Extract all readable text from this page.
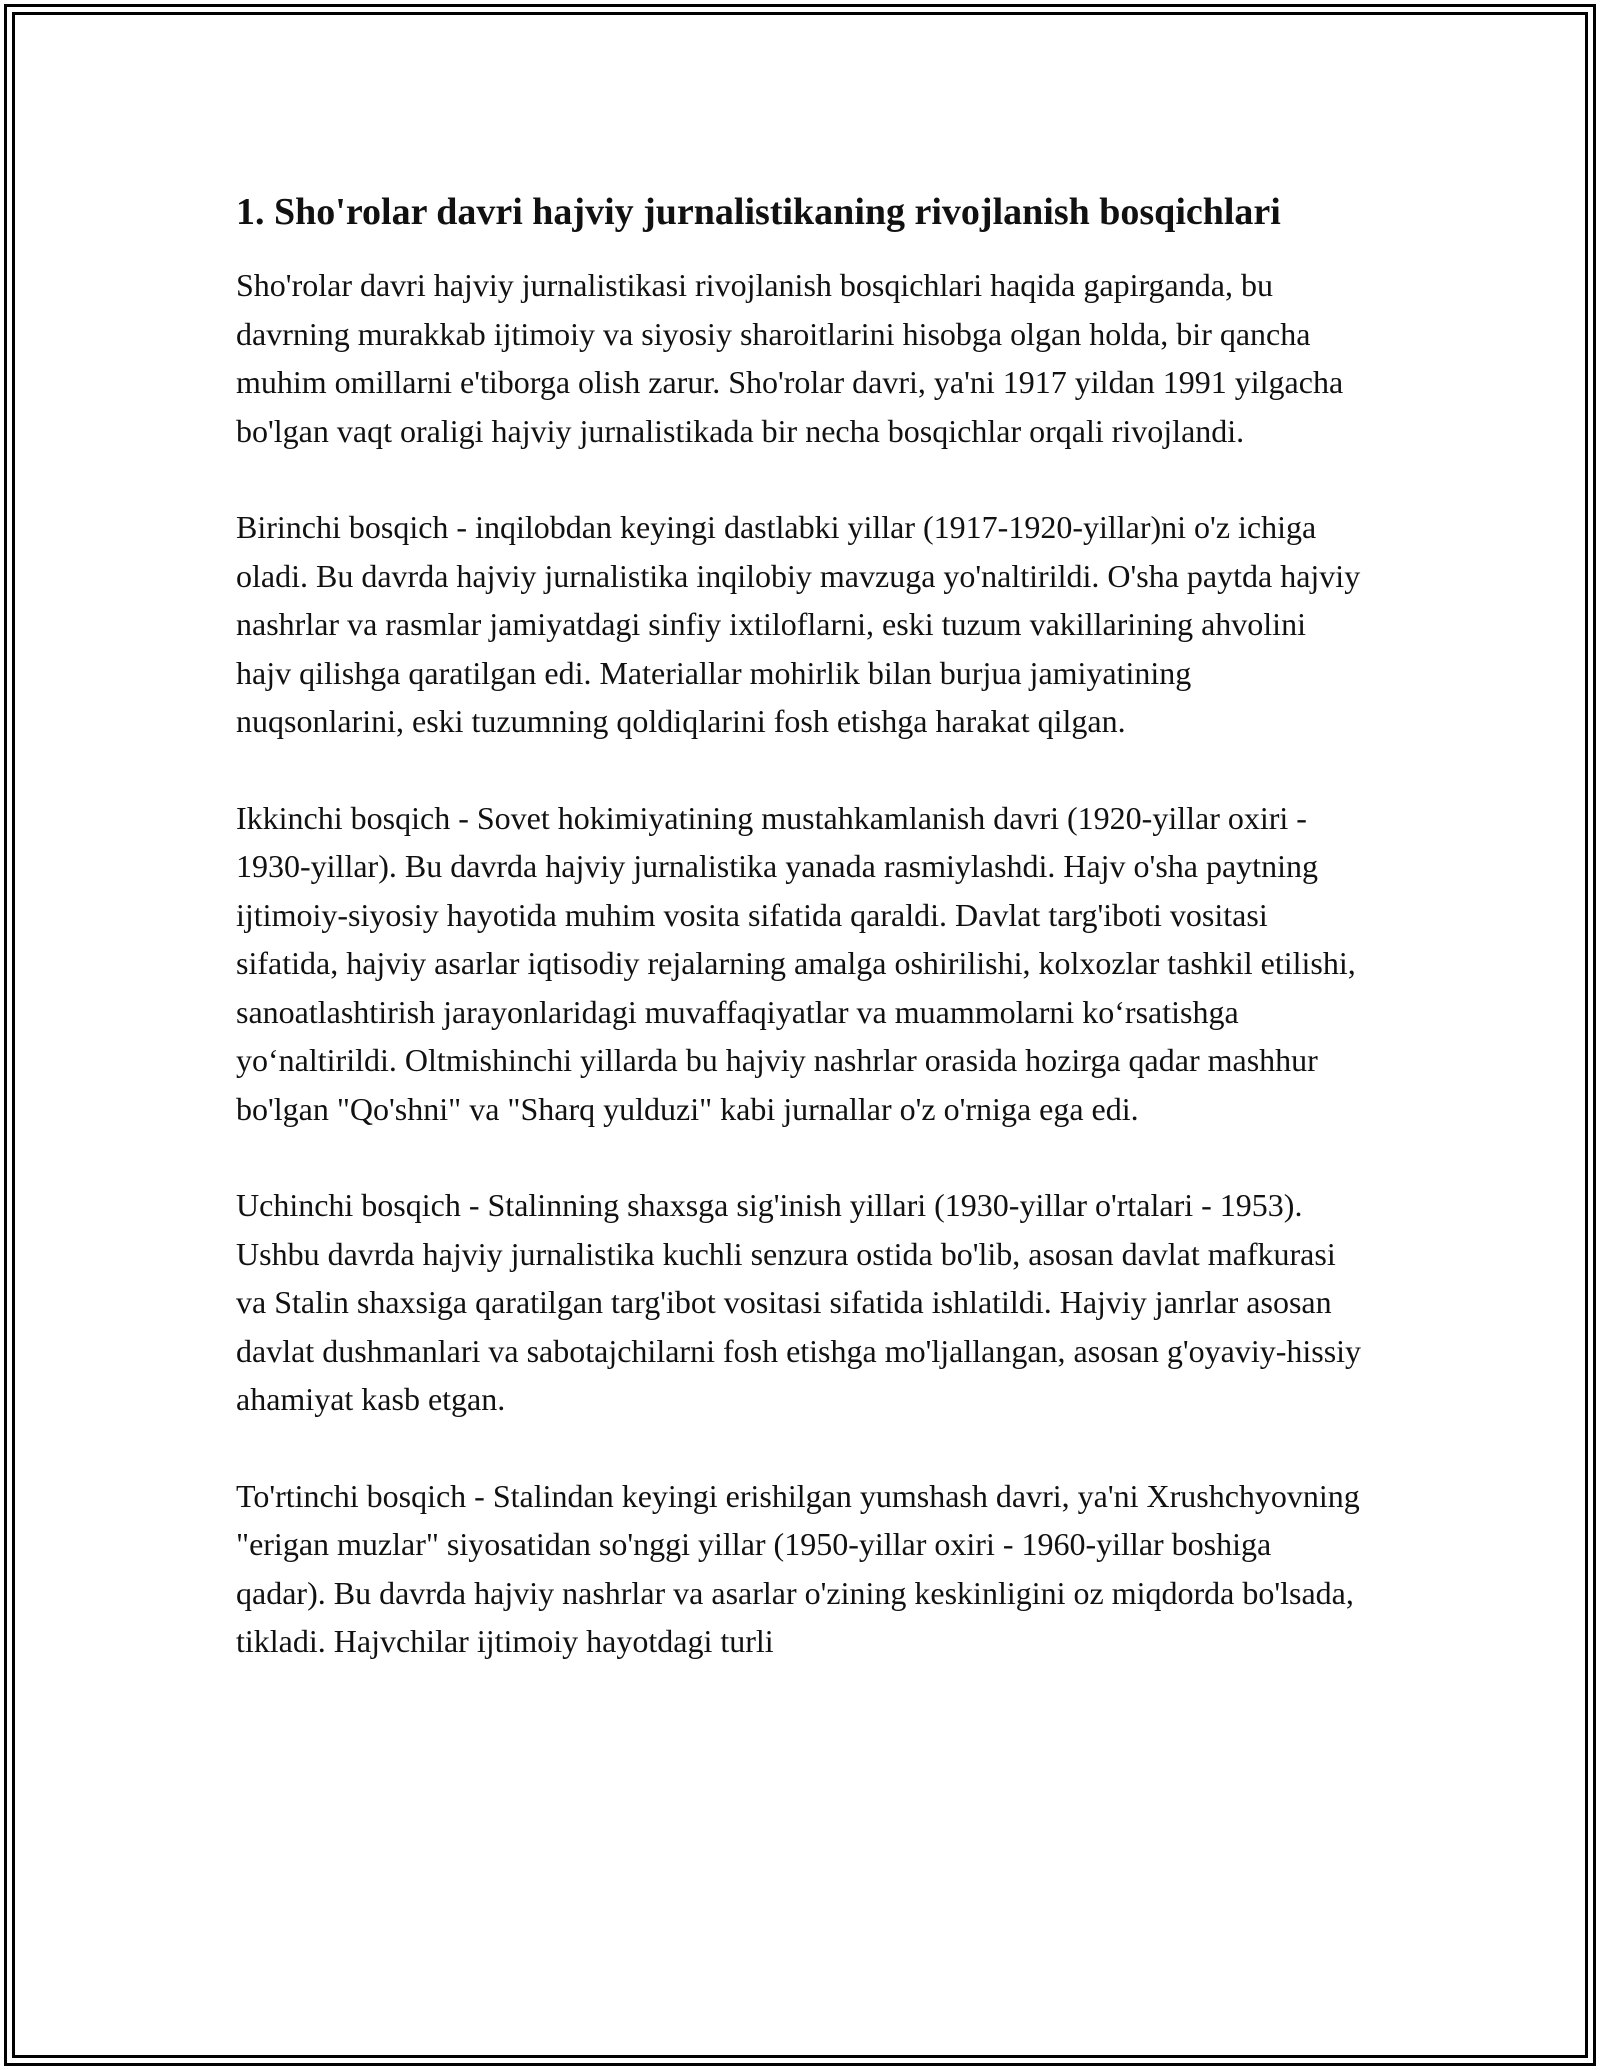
1. Sho'rolar davri hajviy jurnalistikaning rivojlanish bosqichlari

Sho'rolar davri hajviy jurnalistikasi rivojlanish bosqichlari haqida gapirganda, bu davrning murakkab ijtimoiy va siyosiy sharoitlarini hisobga olgan holda, bir qancha muhim omillarni e'tiborga olish zarur. Sho'rolar davri, ya'ni 1917 yildan 1991 yilgacha bo'lgan vaqt oraligi hajviy jurnalistikada bir necha bosqichlar orqali rivojlandi.

Birinchi bosqich - inqilobdan keyingi dastlabki yillar (1917-1920-yillar)ni o'z ichiga oladi. Bu davrda hajviy jurnalistika inqilobiy mavzuga yo'naltirildi. O'sha paytda hajviy nashrlar va rasmlar jamiyatdagi sinfiy ixtiloflarni, eski tuzum vakillarining ahvolini hajv qilishga qaratilgan edi. Materiallar mohirlik bilan burjua jamiyatining nuqsonlarini, eski tuzumning qoldiqlarini fosh etishga harakat qilgan.

Ikkinchi bosqich - Sovet hokimiyatining mustahkamlanish davri (1920-yillar oxiri - 1930-yillar). Bu davrda hajviy jurnalistika yanada rasmiylashdi. Hajv o'sha paytning ijtimoiy-siyosiy hayotida muhim vosita sifatida qaraldi. Davlat targ'iboti vositasi sifatida, hajviy asarlar iqtisodiy rejalarning amalga oshirilishi, kolxozlar tashkil etilishi, sanoatlashtirish jarayonlaridagi muvaffaqiyatlar va muammolarni ko‘rsatishga yo‘naltirildi. Oltmishinchi yillarda bu hajviy nashrlar orasida hozirga qadar mashhur bo'lgan "Qo'shni" va "Sharq yulduzi" kabi jurnallar o'z o'rniga ega edi.

Uchinchi bosqich - Stalinning shaxsga sig'inish yillari (1930-yillar o'rtalari - 1953). Ushbu davrda hajviy jurnalistika kuchli senzura ostida bo'lib, asosan davlat mafkurasi va Stalin shaxsiga qaratilgan targ'ibot vositasi sifatida ishlatildi. Hajviy janrlar asosan davlat dushmanlari va sabotajchilarni fosh etishga mo'ljallangan, asosan g'oyaviy-hissiy ahamiyat kasb etgan.

To'rtinchi bosqich - Stalindan keyingi erishilgan yumshash davri, ya'ni Xrushchyovning "erigan muzlar" siyosatidan so'nggi yillar (1950-yillar oxiri - 1960-yillar boshiga qadar). Bu davrda hajviy nashrlar va asarlar o'zining keskinligini oz miqdorda bo'lsada, tikladi. Hajvchilar ijtimoiy hayotdagi turli
